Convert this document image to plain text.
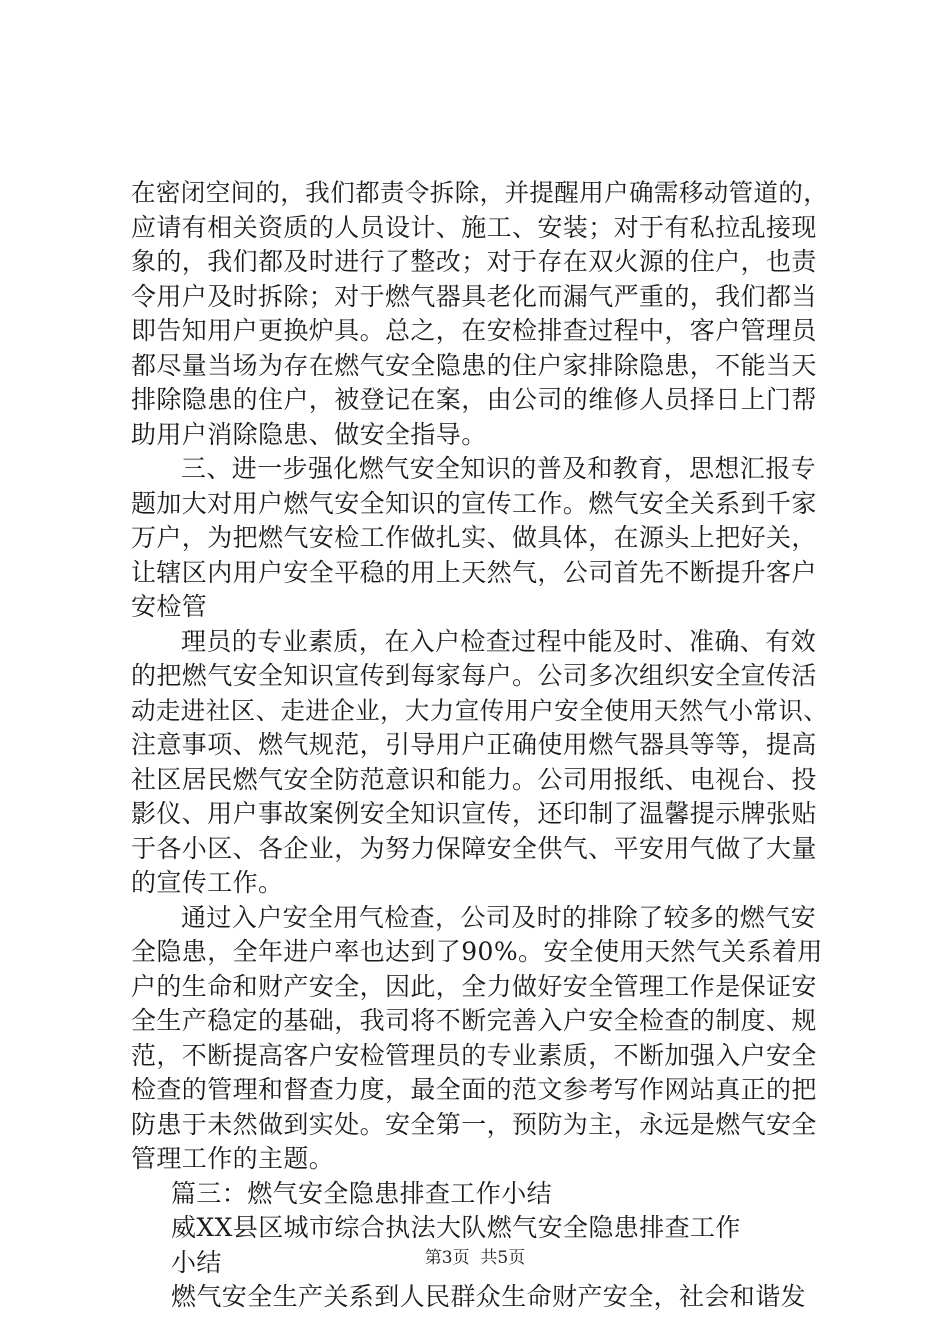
在密闭空间的，我们都责令拆除，并提醒用户确需移动管道的，
应请有相关资质的人员设计、施工、安装；对于有私拉乱接现
象的，我们都及时进行了整改；对于存在双火源的住户，也责
令用户及时拆除；对于燃气器具老化而漏气严重的，我们都当
即告知用户更换炉具。总之，在安检排查过程中，客户管理员
都尽量当场为存在燃气安全隐患的住户家排除隐患，不能当天
排除隐患的住户，被登记在案，由公司的维修人员择日上门帮
助用户消除隐患、做安全指导。
三、进一步强化燃气安全知识的普及和教育，思想汇报专
题加大对用户燃气安全知识的宣传工作。燃气安全关系到千家
万户，为把燃气安检工作做扎实、做具体，在源头上把好关，
让辖区内用户安全平稳的用上天然气，公司首先不断提升客户
安检管
理员的专业素质，在入户检查过程中能及时、准确、有效
的把燃气安全知识宣传到每家每户。公司多次组织安全宣传活
动走进社区、走进企业，大力宣传用户安全使用天然气小常识、
注意事项、燃气规范，引导用户正确使用燃气器具等等，提高
社区居民燃气安全防范意识和能力。公司用报纸、电视台、投
影仪、用户事故案例安全知识宣传，还印制了温馨提示牌张贴
于各小区、各企业，为努力保障安全供气、平安用气做了大量
的宣传工作。
通过入户安全用气检查，公司及时的排除了较多的燃气安
全隐患，全年进户率也达到了90%。安全使用天然气关系着用
户的生命和财产安全，因此，全力做好安全管理工作是保证安
全生产稳定的基础，我司将不断完善入户安全检查的制度、规
范，不断提高客户安检管理员的专业素质，不断加强入户安全
检查的管理和督查力度，最全面的范文参考写作网站真正的把
防患于未然做到实处。安全第一，预防为主，永远是燃气安全
管理工作的主题。
篇三：燃气安全隐患排查工作小结
威XX县区城市综合执法大队燃气安全隐患排查工作
小结
燃气安全生产关系到人民群众生命财产安全，社会和谐发
第3页  共5页
